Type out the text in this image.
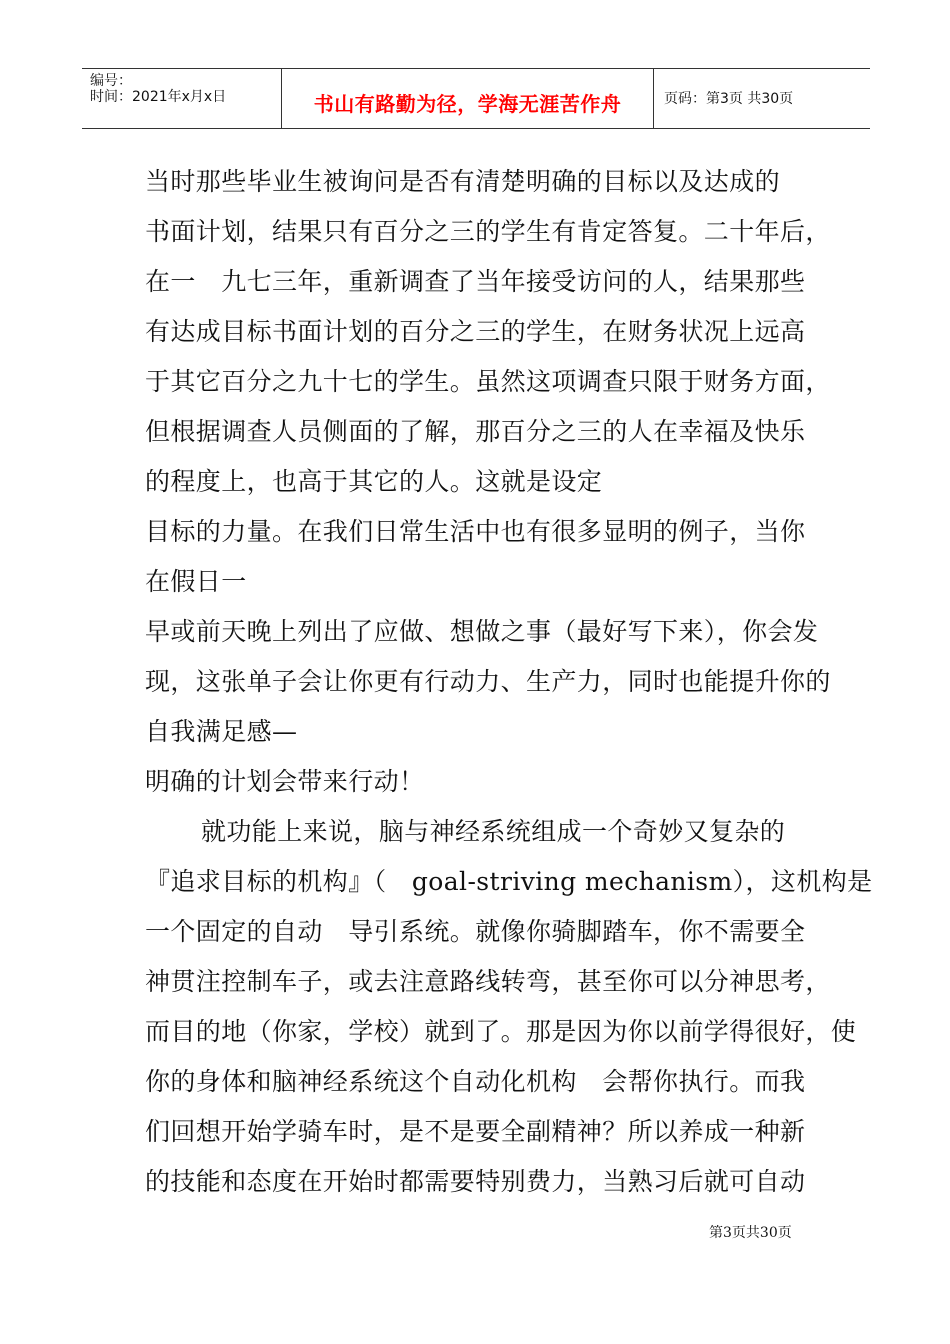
编号：
时间：2021年x月x日	书山有路勤为径，学海无涯苦作舟	页码：第3页 共30页
当时那些毕业生被询问是否有清楚明确的目标以及达成的
书面计划，结果只有百分之三的学生有肯定答复。二十年后，
在一　九七三年，重新调查了当年接受访问的人，结果那些
有达成目标书面计划的百分之三的学生，在财务状况上远高
于其它百分之九十七的学生。虽然这项调查只限于财务方面，
但根据调查人员侧面的了解，那百分之三的人在幸福及快乐
的程度上，也高于其它的人。这就是设定
目标的力量。在我们日常生活中也有很多显明的例子，当你
在假日一
早或前天晚上列出了应做、想做之事（最好写下来），你会发
现，这张单子会让你更有行动力、生产力，同时也能提升你的
自我满足感—
明确的计划会带来行动！
就功能上来说，脑与神经系统组成一个奇妙又复杂的
『追求目标的机构』（　goal-striving mechanism），这机构是
一个固定的自动　导引系统。就像你骑脚踏车，你不需要全
神贯注控制车子，或去注意路线转弯，甚至你可以分神思考，
而目的地（你家，学校）就到了。那是因为你以前学得很好，使
你的身体和脑神经系统这个自动化机构　会帮你执行。而我
们回想开始学骑车时，是不是要全副精神？所以养成一种新
的技能和态度在开始时都需要特别费力，当熟习后就可自动
第3页共30页
